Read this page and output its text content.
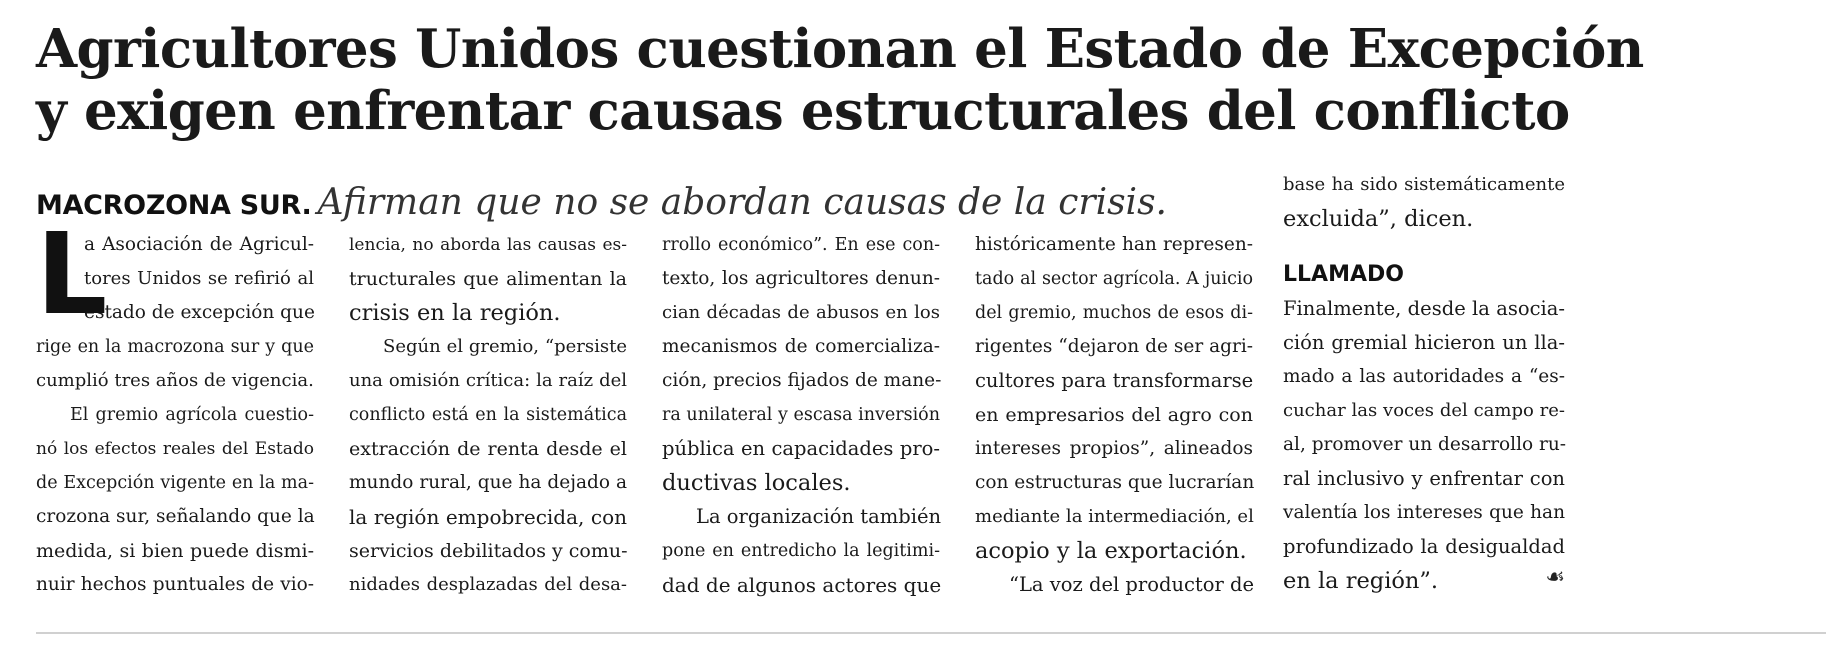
Agricultores Unidos cuestionan el Estado de Excepción
y exigen enfrentar causas estructurales del conflicto
MACROZONA SUR. Afirman que no se abordan causas de la crisis.
L
a Asociación de Agricul-
tores Unidos se refirió al
estado de excepción que
rige en la macrozona sur y que
cumplió tres años de vigencia.
El gremio agrícola cuestio-
nó los efectos reales del Estado
de Excepción vigente en la ma-
crozona sur, señalando que la
medida, si bien puede dismi-
nuir hechos puntuales de vio-
lencia, no aborda las causas es-
tructurales que alimentan la
crisis en la región.
Según el gremio, “persiste
una omisión crítica: la raíz del
conflicto está en la sistemática
extracción de renta desde el
mundo rural, que ha dejado a
la región empobrecida, con
servicios debilitados y comu-
nidades desplazadas del desa-
rrollo económico”. En ese con-
texto, los agricultores denun-
cian décadas de abusos en los
mecanismos de comercializa-
ción, precios fijados de mane-
ra unilateral y escasa inversión
pública en capacidades pro-
ductivas locales.
La organización también
pone en entredicho la legitimi-
dad de algunos actores que
históricamente han represen-
tado al sector agrícola. A juicio
del gremio, muchos de esos di-
rigentes “dejaron de ser agri-
cultores para transformarse
en empresarios del agro con
intereses propios”, alineados
con estructuras que lucrarían
mediante la intermediación, el
acopio y la exportación.
“La voz del productor de
base ha sido sistemáticamente
excluida”, dicen.
LLAMADO
Finalmente, desde la asocia-
ción gremial hicieron un lla-
mado a las autoridades a “es-
cuchar las voces del campo re-
al, promover un desarrollo ru-
ral inclusivo y enfrentar con
valentía los intereses que han
profundizado la desigualdad
en la región”.	☙
